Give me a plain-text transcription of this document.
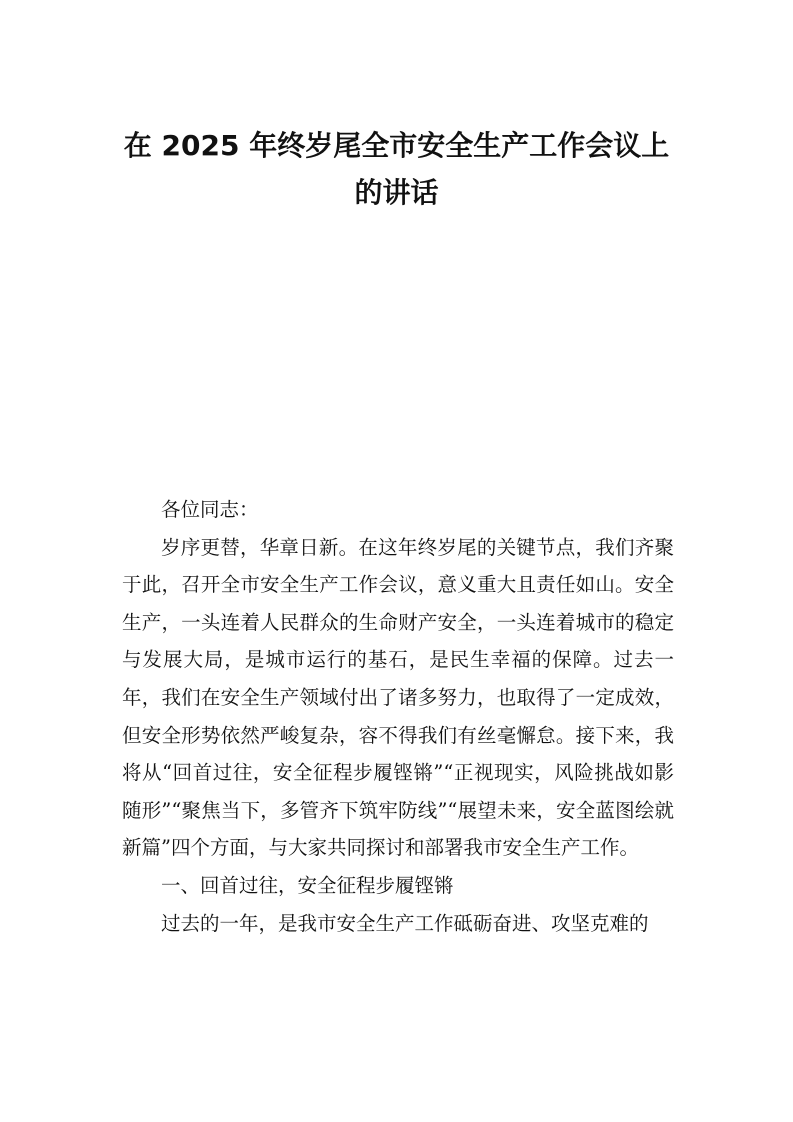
在 2025 年终岁尾全市安全生产工作会议上
的讲话

各位同志：

岁序更替，华章日新。在这年终岁尾的关键节点，我们齐聚于此，召开全市安全生产工作会议，意义重大且责任如山。安全生产，一头连着人民群众的生命财产安全，一头连着城市的稳定与发展大局，是城市运行的基石，是民生幸福的保障。过去一年，我们在安全生产领域付出了诸多努力，也取得了一定成效，但安全形势依然严峻复杂，容不得我们有丝毫懈怠。接下来，我将从“回首过往，安全征程步履铿锵”“正视现实，风险挑战如影随形”“聚焦当下，多管齐下筑牢防线”“展望未来，安全蓝图绘就新篇”四个方面，与大家共同探讨和部署我市安全生产工作。

一、回首过往，安全征程步履铿锵

过去的一年，是我市安全生产工作砥砺奋进、攻坚克难的
